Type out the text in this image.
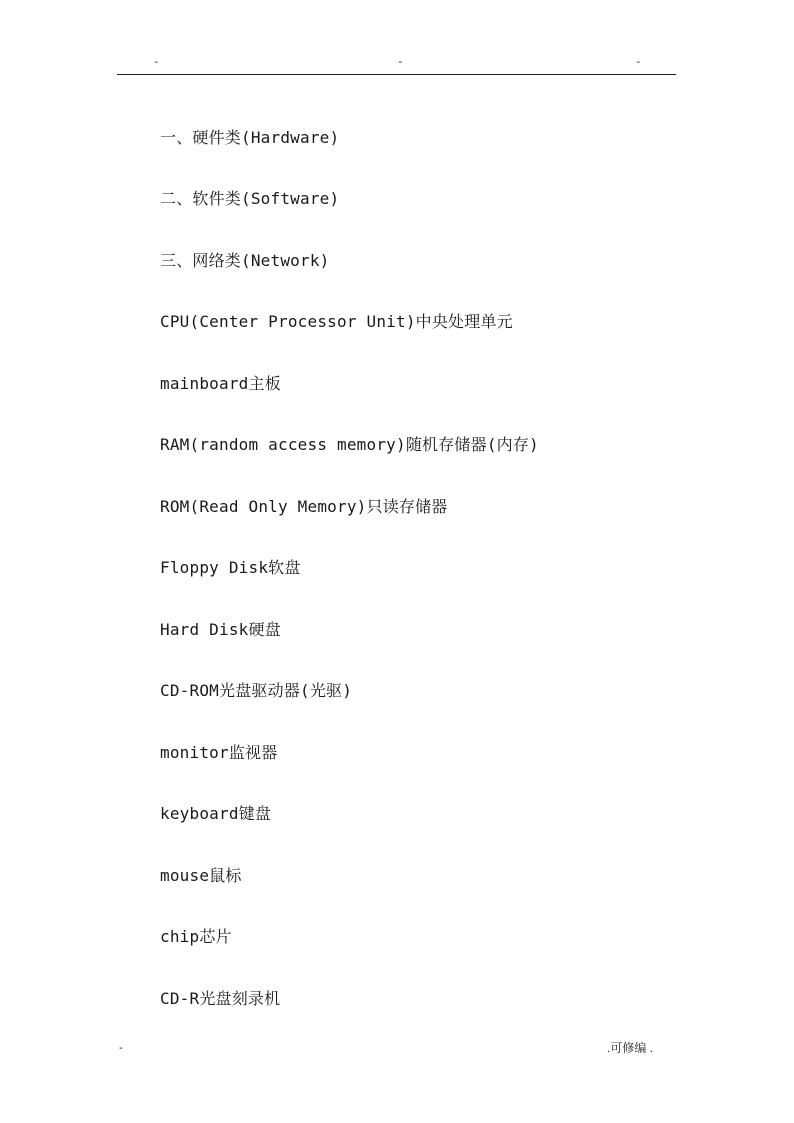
-	-	-
一、硬件类(Hardware)
二、软件类(Software)
三、网络类(Network)
CPU(Center Processor Unit)中央处理单元
mainboard主板
RAM(random access memory)随机存储器(内存)
ROM(Read Only Memory)只读存储器
Floppy Disk软盘
Hard Disk硬盘
CD-ROM光盘驱动器(光驱)
monitor监视器
keyboard键盘
mouse鼠标
chip芯片
CD-R光盘刻录机
-	.可修编 .
